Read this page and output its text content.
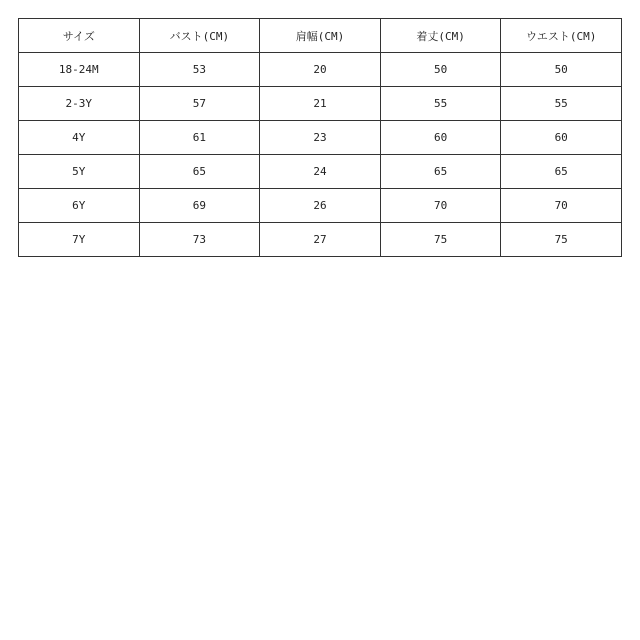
サイズ	バスト(CM)	肩幅(CM)	着丈(CM)	ウエスト(CM)
18-24M	53	20	50	50
2-3Y	57	21	55	55
4Y	61	23	60	60
5Y	65	24	65	65
6Y	69	26	70	70
7Y	73	27	75	75
